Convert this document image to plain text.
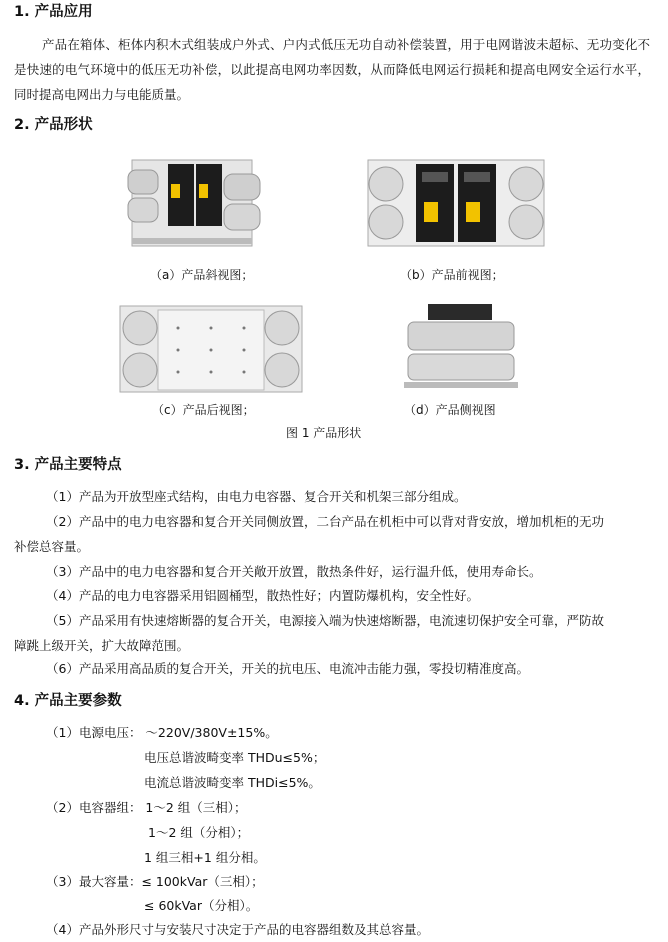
1. 产品应用
产品在箱体、柜体内积木式组装成户外式、户内式低压无功自动补偿装置，用于电网谐波未超标、无功变化不是快速的电气环境中的低压无功补偿，以此提高电网功率因数，从而降低电网运行损耗和提高电网安全运行水平，同时提高电网出力与电能质量。
2. 产品形状
（a）产品斜视图；	（b）产品前视图；
（c）产品后视图；	（d）产品侧视图
图 1 产品形状
3. 产品主要特点
（1）产品为开放型座式结构，由电力电容器、复合开关和机架三部分组成。
（2）产品中的电力电容器和复合开关同侧放置，二台产品在机柜中可以背对背安放，增加机柜的无功
补偿总容量。
（3）产品中的电力电容器和复合开关敞开放置，散热条件好，运行温升低，使用寿命长。
（4）产品的电力电容器采用铝圆桶型，散热性好；内置防爆机构，安全性好。
（5）产品采用有快速熔断器的复合开关，电源接入端为快速熔断器，电流速切保护安全可靠，严防故
障跳上级开关，扩大故障范围。
（6）产品采用高品质的复合开关，开关的抗电压、电流冲击能力强，零投切精准度高。
4. 产品主要参数
（1）电源电压： ～220V/380V±15%。
电压总谐波畸变率 THDu≤5%；
电流总谐波畸变率 THDi≤5%。
（2）电容器组： 1～2 组（三相）；
1～2 组（分相）；
1 组三相+1 组分相。
（3）最大容量：≤ 100kVar（三相）；
≤ 60kVar（分相）。
（4）产品外形尺寸与安装尺寸决定于产品的电容器组数及其总容量。
